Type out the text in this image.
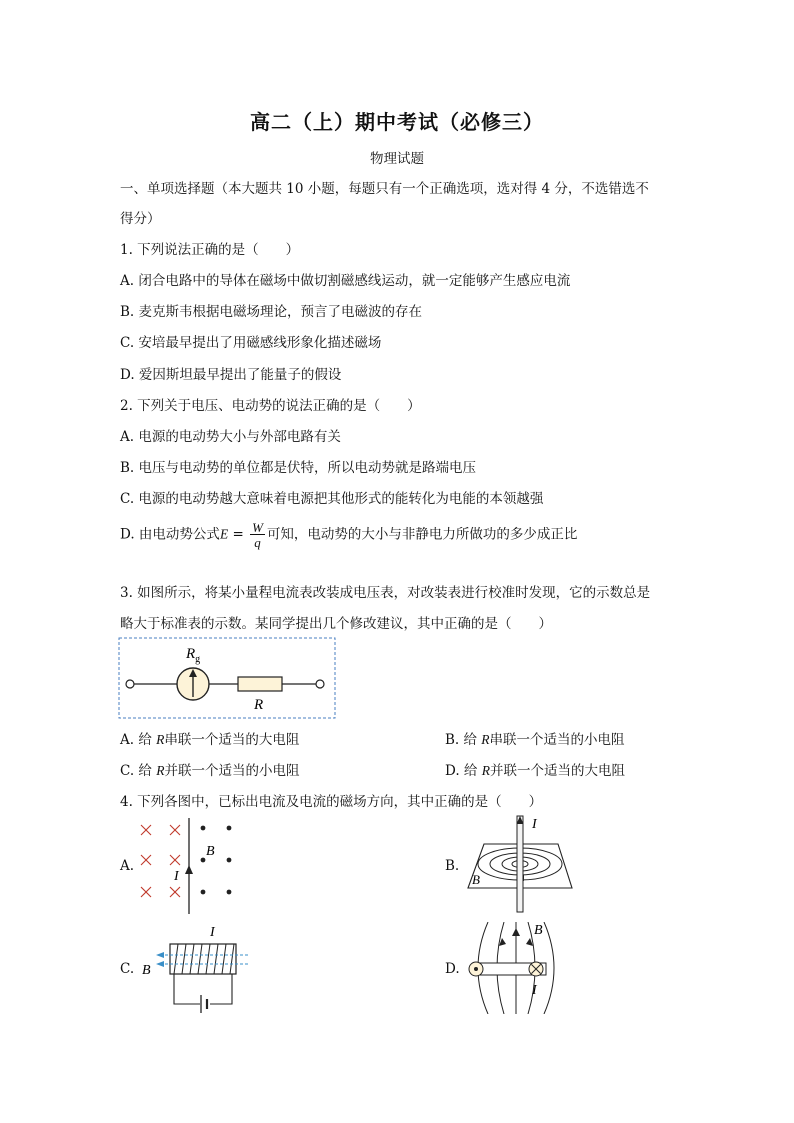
高二（上）期中考试（必修三）
物理试题
一、单项选择题（本大题共 10 小题，每题只有一个正确选项，选对得 4 分，不选错选不
得分）
1. 下列说法正确的是（　　）
A. 闭合电路中的导体在磁场中做切割磁感线运动，就一定能够产生感应电流
B. 麦克斯韦根据电磁场理论，预言了电磁波的存在
C. 安培最早提出了用磁感线形象化描述磁场
D. 爱因斯坦最早提出了能量子的假设
2. 下列关于电压、电动势的说法正确的是（　　）
A. 电源的电动势大小与外部电路有关
B. 电压与电动势的单位都是伏特，所以电动势就是路端电压
C. 电源的电动势越大意味着电源把其他形式的能转化为电能的本领越强
D. 由电动势公式$E = \frac{W}{q}$ 可知，电动势的大小与非静电力所做功的多少成正比
3. 如图所示，将某小量程电流表改装成电压表，对改装表进行校准时发现，它的示数总是
略大于标准表的示数。某同学提出几个修改建议，其中正确的是（　　）
$R_g$
R
A. 给 R串联一个适当的大电阻	B. 给 R串联一个适当的小电阻
C. 给 R并联一个适当的小电阻	D. 给 R并联一个适当的大电阻
4. 下列各图中，已标出电流及电流的磁场方向，其中正确的是（　　）
A.
B
I
B.
I
B
C.
I
B	D.
B
I
